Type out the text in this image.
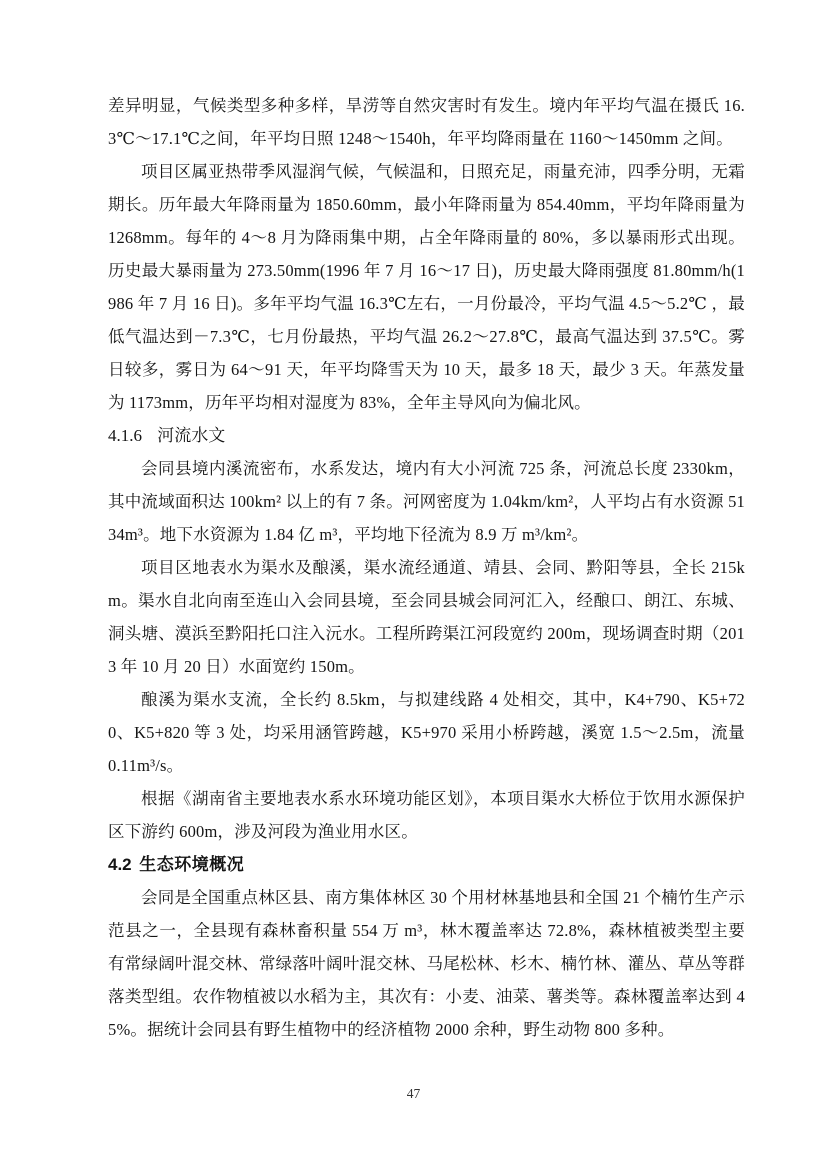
差异明显，气候类型多种多样，旱涝等自然灾害时有发生。境内年平均气温在摄氏 16.3℃～17.1℃之间，年平均日照 1248～1540h，年平均降雨量在 1160～1450mm 之间。

项目区属亚热带季风湿润气候，气候温和，日照充足，雨量充沛，四季分明，无霜期长。历年最大年降雨量为 1850.60mm，最小年降雨量为 854.40mm，平均年降雨量为 1268mm。每年的 4～8 月为降雨集中期，占全年降雨量的 80%，多以暴雨形式出现。历史最大暴雨量为 273.50mm(1996 年 7 月 16～17 日)，历史最大降雨强度 81.80mm/h(1986 年 7 月 16 日)。多年平均气温 16.3℃左右，一月份最冷，平均气温 4.5～5.2℃ ，最低气温达到－7.3℃，七月份最热，平均气温 26.2～27.8℃，最高气温达到 37.5℃。雾日较多，雾日为 64～91 天，年平均降雪天为 10 天，最多 18 天，最少 3 天。年蒸发量为 1173mm，历年平均相对湿度为 83%，全年主导风向为偏北风。

4.1.6 河流水文

会同县境内溪流密布，水系发达，境内有大小河流 725 条，河流总长度 2330km，其中流域面积达 100km² 以上的有 7 条。河网密度为 1.04km/km²，人平均占有水资源 5134m³。地下水资源为 1.84 亿 m³，平均地下径流为 8.9 万 m³/km²。

项目区地表水为渠水及酿溪，渠水流经通道、靖县、会同、黔阳等县，全长 215km。渠水自北向南至连山入会同县境，至会同县城会同河汇入，经酿口、朗江、东城、洞头塘、漠浜至黔阳托口注入沅水。工程所跨渠江河段宽约 200m，现场调查时期（2013 年 10 月 20 日）水面宽约 150m。

酿溪为渠水支流，全长约 8.5km，与拟建线路 4 处相交，其中，K4+790、K5+720、K5+820 等 3 处，均采用涵管跨越，K5+970 采用小桥跨越，溪宽 1.5～2.5m，流量 0.11m³/s。

根据《湖南省主要地表水系水环境功能区划》，本项目渠水大桥位于饮用水源保护区下游约 600m，涉及河段为渔业用水区。

4.2 生态环境概况

会同是全国重点林区县、南方集体林区 30 个用材林基地县和全国 21 个楠竹生产示范县之一，全县现有森林畜积量 554 万 m³，林木覆盖率达 72.8%，森林植被类型主要有常绿阔叶混交林、常绿落叶阔叶混交林、马尾松林、杉木、楠竹林、灌丛、草丛等群落类型组。农作物植被以水稻为主，其次有：小麦、油菜、薯类等。森林覆盖率达到 45%。据统计会同县有野生植物中的经济植物 2000 余种，野生动物 800 多种。

47
